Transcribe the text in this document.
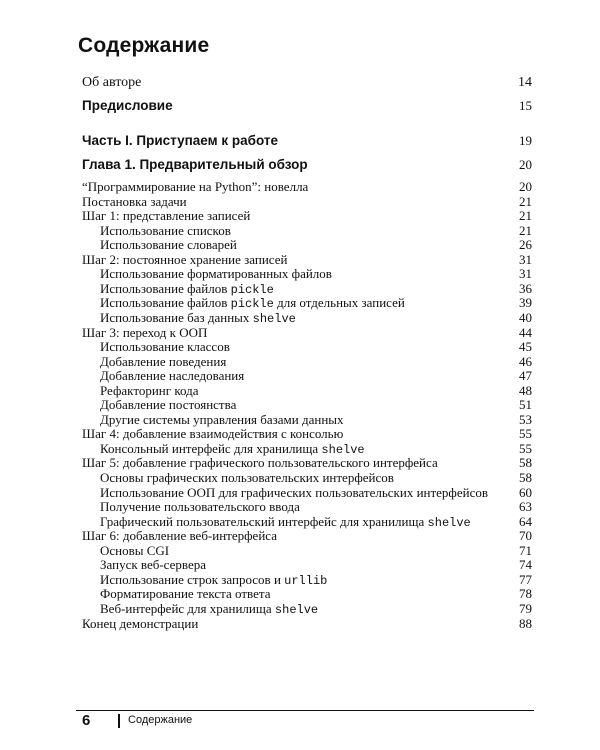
Содержание
Об авторе	14
Предисловие	15
Часть I. Приступаем к работе	19
Глава 1. Предварительный обзор	20
“Программирование на Python”: новелла	20
Постановка задачи	21
Шаг 1: представление записей	21
Использование списков	21
Использование словарей	26
Шаг 2: постоянное хранение записей	31
Использование форматированных файлов	31
Использование файлов pickle	36
Использование файлов pickle для отдельных записей	39
Использование баз данных shelve	40
Шаг 3: переход к ООП	44
Использование классов	45
Добавление поведения	46
Добавление наследования	47
Рефакторинг кода	48
Добавление постоянства	51
Другие системы управления базами данных	53
Шаг 4: добавление взаимодействия с консолью	55
Консольный интерфейс для хранилища shelve	55
Шаг 5: добавление графического пользовательского интерфейса	58
Основы графических пользовательских интерфейсов	58
Использование ООП для графических пользовательских интерфейсов 60
Получение пользовательского ввода	63
Графический пользовательский интерфейс для хранилища shelve	64
Шаг 6: добавление веб-интерфейса	70
Основы CGI	71
Запуск веб-сервера	74
Использование строк запросов и urllib	77
Форматирование текста ответа	78
Веб-интерфейс для хранилища shelve	79
Конец демонстрации	88
6	Содержание
